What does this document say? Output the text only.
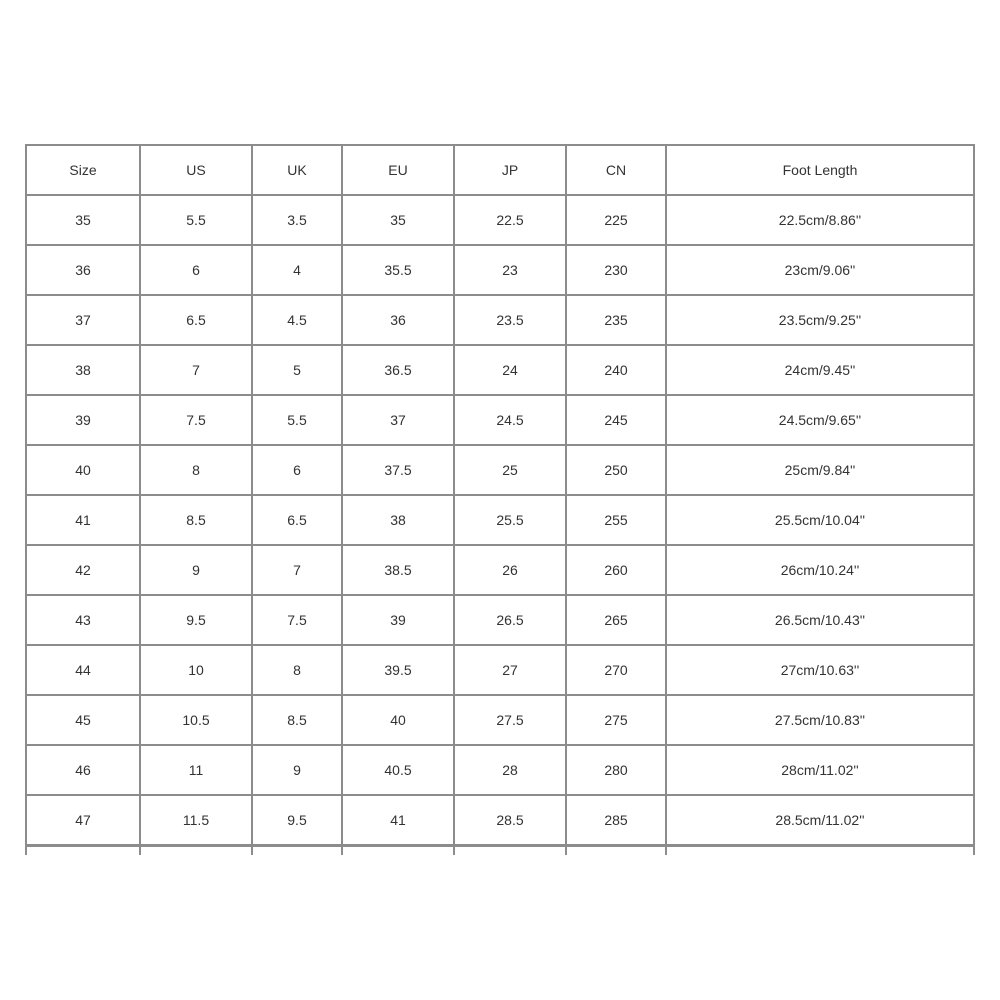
Size	US	UK	EU	JP	CN	Foot Length
35	5.5	3.5	35	22.5	225	22.5cm/8.86''
36	6	4	35.5	23	230	23cm/9.06''
37	6.5	4.5	36	23.5	235	23.5cm/9.25''
38	7	5	36.5	24	240	24cm/9.45''
39	7.5	5.5	37	24.5	245	24.5cm/9.65''
40	8	6	37.5	25	250	25cm/9.84''
41	8.5	6.5	38	25.5	255	25.5cm/10.04''
42	9	7	38.5	26	260	26cm/10.24''
43	9.5	7.5	39	26.5	265	26.5cm/10.43''
44	10	8	39.5	27	270	27cm/10.63''
45	10.5	8.5	40	27.5	275	27.5cm/10.83''
46	11	9	40.5	28	280	28cm/11.02''
47	11.5	9.5	41	28.5	285	28.5cm/11.02''
